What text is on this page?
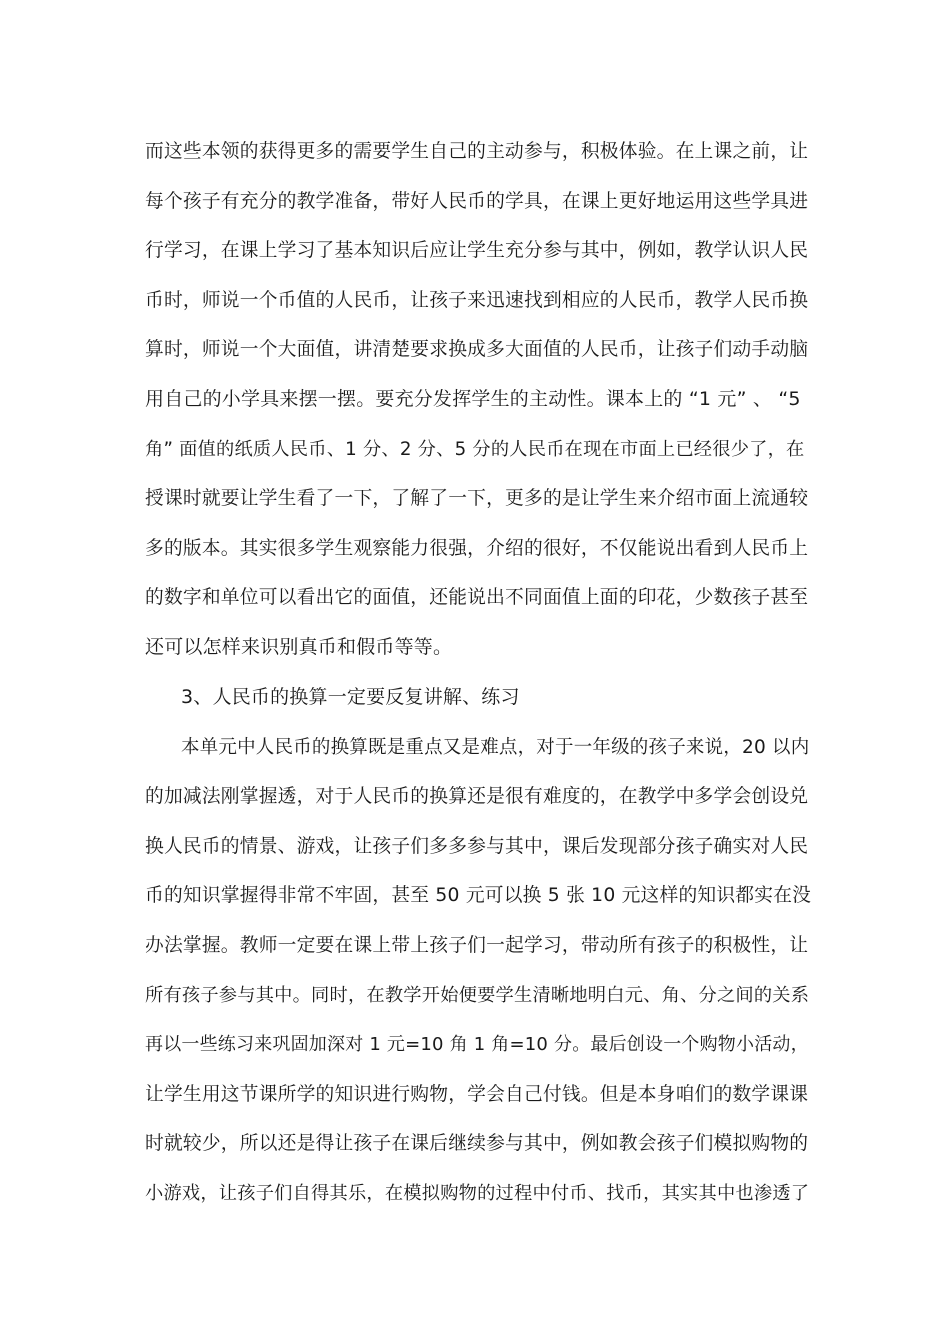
而这些本领的获得更多的需要学生自己的主动参与，积极体验。在上课之前，让
每个孩子有充分的教学准备，带好人民币的学具，在课上更好地运用这些学具进
行学习，在课上学习了基本知识后应让学生充分参与其中，例如，教学认识人民
币时，师说一个币值的人民币，让孩子来迅速找到相应的人民币，教学人民币换
算时，师说一个大面值，讲清楚要求换成多大面值的人民币，让孩子们动手动脑
用自己的小学具来摆一摆。要充分发挥学生的主动性。课本上的 “1 元” 、 “5
角” 面值的纸质人民币、1 分、2 分、5 分的人民币在现在市面上已经很少了，在
授课时就要让学生看了一下，了解了一下，更多的是让学生来介绍市面上流通较
多的版本。其实很多学生观察能力很强，介绍的很好，不仅能说出看到人民币上
的数字和单位可以看出它的面值，还能说出不同面值上面的印花，少数孩子甚至
还可以怎样来识别真币和假币等等。
3、人民币的换算一定要反复讲解、练习
本单元中人民币的换算既是重点又是难点，对于一年级的孩子来说，20 以内
的加减法刚掌握透，对于人民币的换算还是很有难度的，在教学中多学会创设兑
换人民币的情景、游戏，让孩子们多多参与其中，课后发现部分孩子确实对人民
币的知识掌握得非常不牢固，甚至 50 元可以换 5 张 10 元这样的知识都实在没
办法掌握。教师一定要在课上带上孩子们一起学习，带动所有孩子的积极性，让
所有孩子参与其中。同时，在教学开始便要学生清晰地明白元、角、分之间的关系
再以一些练习来巩固加深对 1 元=10 角 1 角=10 分。最后创设一个购物小活动，
让学生用这节课所学的知识进行购物，学会自己付钱。但是本身咱们的数学课课
时就较少，所以还是得让孩子在课后继续参与其中，例如教会孩子们模拟购物的
小游戏，让孩子们自得其乐，在模拟购物的过程中付币、找币，其实其中也渗透了
